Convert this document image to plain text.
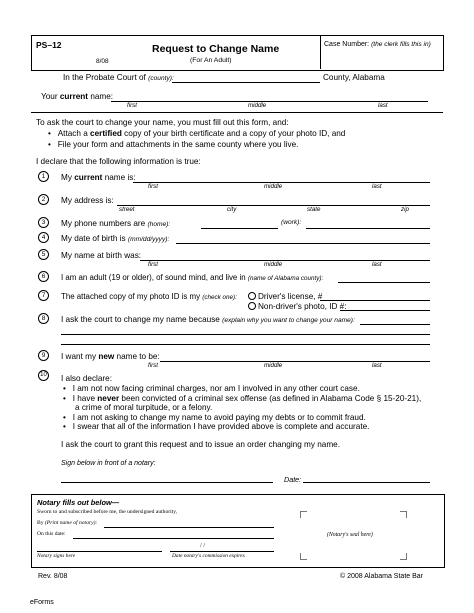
PS–12
8/08
Request to Change Name
(For An Adult)
Case Number: (the clerk fills this in)
In the Probate Court of (county):	County, Alabama
Your current name:
first	middle	last
To ask the court to change your name, you must fill out this form, and:
•   Attach a certified copy of your birth certificate and a copy of your photo ID, and
•   File your form and attachments in the same county where you live.
I declare that the following information is true:
1	My current name is:
first	middle	last
2	My address is:
street	city	state	zip
3	My phone numbers are (home):	(work):
4	My date of birth is (mm/dd/yyyy):
5	My name at birth was:
first	middle	last
6	I am an adult (19 or older), of sound mind, and live in (name of Alabama county):
7	The attached copy of my photo ID is my (check one):	Driver's license, #
Non-driver's photo, ID #:
8	I ask the court to change my name because (explain why you want to change your name):
9	I want my new name to be:
first	middle	last
10 I also declare:
•   I am not now facing criminal charges, nor am I involved in any other court case.
•   I have never been convicted of a criminal sex offense (as defined in Alabama Code § 15-20-21),
a crime of moral turpitude, or a felony.
•   I am not asking to change my name to avoid paying my debts or to commit fraud.
•   I swear that all of the information I have provided above is complete and accurate.
I ask the court to grant this request and to issue an order changing my name.
Sign below in front of a notary:
Date:
Notary fills out below—
Sworn to and subscribed before me, the undersigned authority,
By (Print name of notary):
On this date:
/ /
Notary signs here	Date notary's commission expires
(Notary's seal here)
Rev. 8/08	© 2008 Alabama State Bar
eForms
